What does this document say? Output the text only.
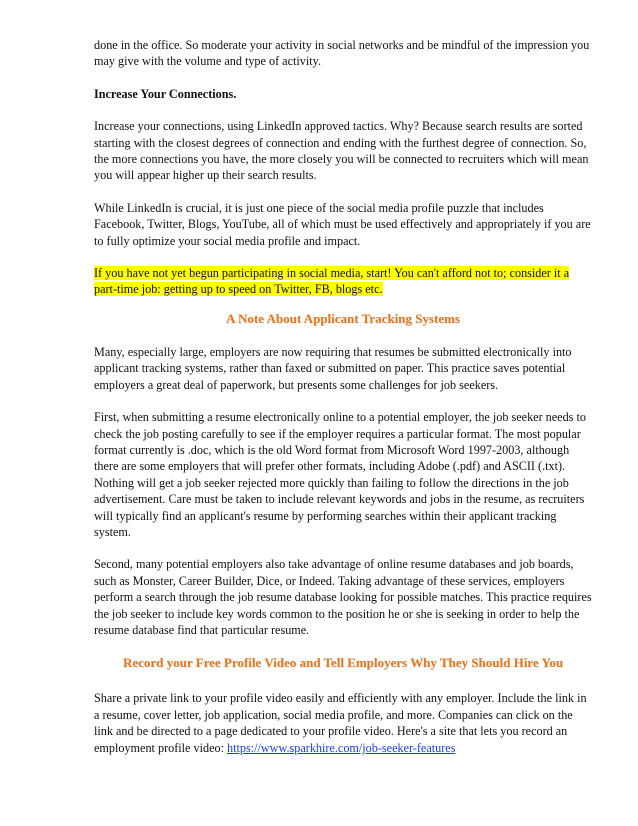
done in the office. So moderate your activity in social networks and be mindful of the impression you may give with the volume and type of activity.

Increase Your Connections.

Increase your connections, using LinkedIn approved tactics. Why? Because search results are sorted starting with the closest degrees of connection and ending with the furthest degree of connection. So, the more connections you have, the more closely you will be connected to recruiters which will mean you will appear higher up their search results.

While LinkedIn is crucial, it is just one piece of the social media profile puzzle that includes Facebook, Twitter, Blogs, YouTube, all of which must be used effectively and appropriately if you are to fully optimize your social media profile and impact.

If you have not yet begun participating in social media, start! You can't afford not to; consider it a part-time job: getting up to speed on Twitter, FB, blogs etc.

A Note About Applicant Tracking Systems

Many, especially large, employers are now requiring that resumes be submitted electronically into applicant tracking systems, rather than faxed or submitted on paper. This practice saves potential employers a great deal of paperwork, but presents some challenges for job seekers.

First, when submitting a resume electronically online to a potential employer, the job seeker needs to check the job posting carefully to see if the employer requires a particular format. The most popular format currently is .doc, which is the old Word format from Microsoft Word 1997-2003, although there are some employers that will prefer other formats, including Adobe (.pdf) and ASCII (.txt). Nothing will get a job seeker rejected more quickly than failing to follow the directions in the job advertisement. Care must be taken to include relevant keywords and jobs in the resume, as recruiters will typically find an applicant's resume by performing searches within their applicant tracking system.

Second, many potential employers also take advantage of online resume databases and job boards, such as Monster, Career Builder, Dice, or Indeed. Taking advantage of these services, employers perform a search through the job resume database looking for possible matches. This practice requires the job seeker to include key words common to the position he or she is seeking in order to help the resume database find that particular resume.

Record your Free Profile Video and Tell Employers Why They Should Hire You

Share a private link to your profile video easily and efficiently with any employer. Include the link in a resume, cover letter, job application, social media profile, and more. Companies can click on the link and be directed to a page dedicated to your profile video. Here's a site that lets you record an employment profile video: https://www.sparkhire.com/job-seeker-features
